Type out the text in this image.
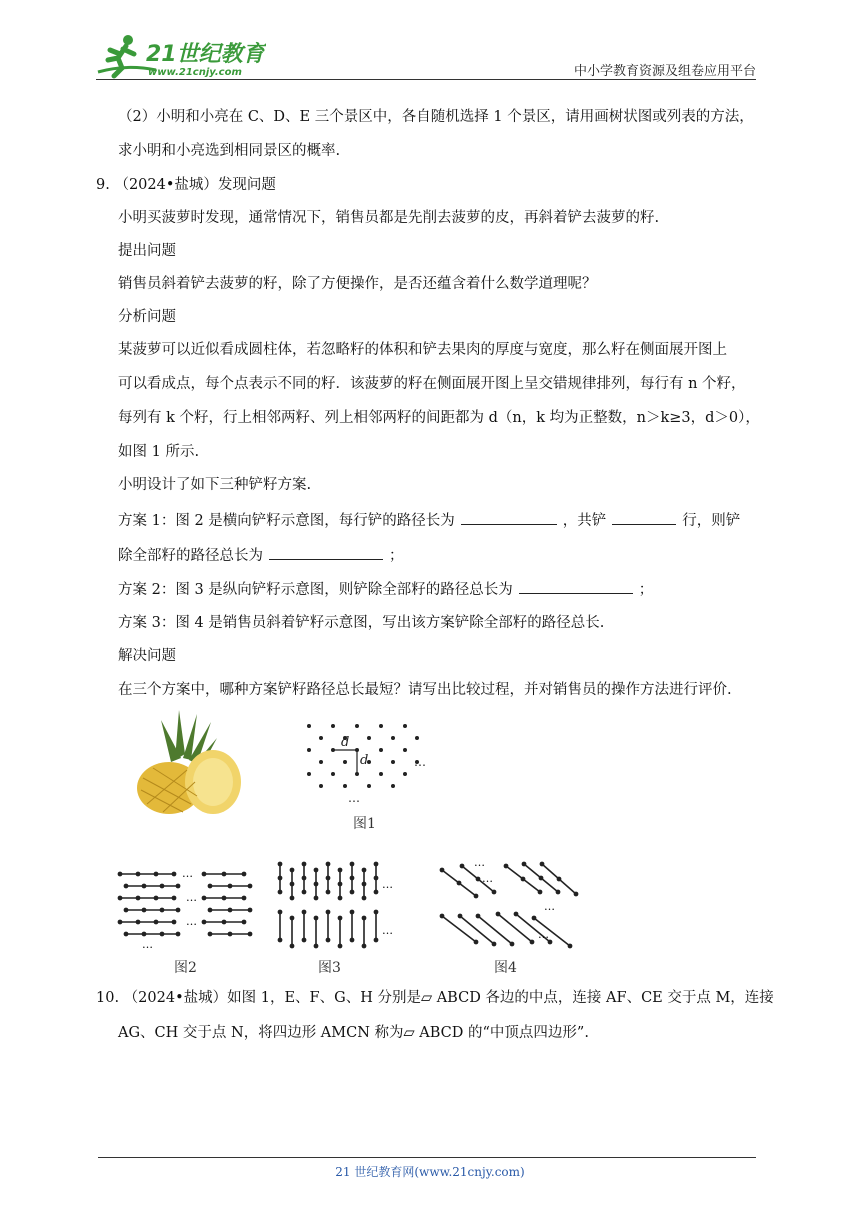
21世纪教育
www.21cnjy.com	中小学教育资源及组卷应用平台
（2）小明和小亮在 C、D、E 三个景区中，各自随机选择 1 个景区，请用画树状图或列表的方法，
求小明和小亮选到相同景区的概率.
9. （2024•盐城）发现问题
小明买菠萝时发现，通常情况下，销售员都是先削去菠萝的皮，再斜着铲去菠萝的籽.
提出问题
销售员斜着铲去菠萝的籽，除了方便操作，是否还蕴含着什么数学道理呢？
分析问题
某菠萝可以近似看成圆柱体，若忽略籽的体积和铲去果肉的厚度与宽度，那么籽在侧面展开图上
可以看成点，每个点表示不同的籽．该菠萝的籽在侧面展开图上呈交错规律排列，每行有 n 个籽，
每列有 k 个籽，行上相邻两籽、列上相邻两籽的间距都为 d（n，k 均为正整数，n＞k≥3，d＞0），
如图 1 所示.
小明设计了如下三种铲籽方案.
方案 1：图 2 是横向铲籽示意图，每行铲的路径长为	，共铲	行，则铲
除全部籽的路径总长为	；
方案 2：图 3 是纵向铲籽示意图，则铲除全部籽的路径总长为	；
方案 3：图 4 是销售员斜着铲籽示意图，写出该方案铲除全部籽的路径总长.
解决问题
在三个方案中，哪种方案铲籽路径总长最短？请写出比较过程，并对销售员的操作方法进行评价.
d
d	…
…
图1
…
…
…
…
图2
…
…
图3
…
…
…
…
图4
10. （2024•盐城）如图 1，E、F、G、H 分别是▱ ABCD 各边的中点，连接 AF、CE 交于点 M，连接
AG、CH 交于点 N，将四边形 AMCN 称为▱ ABCD 的“中顶点四边形”.
21 世纪教育网(www.21cnjy.com)
